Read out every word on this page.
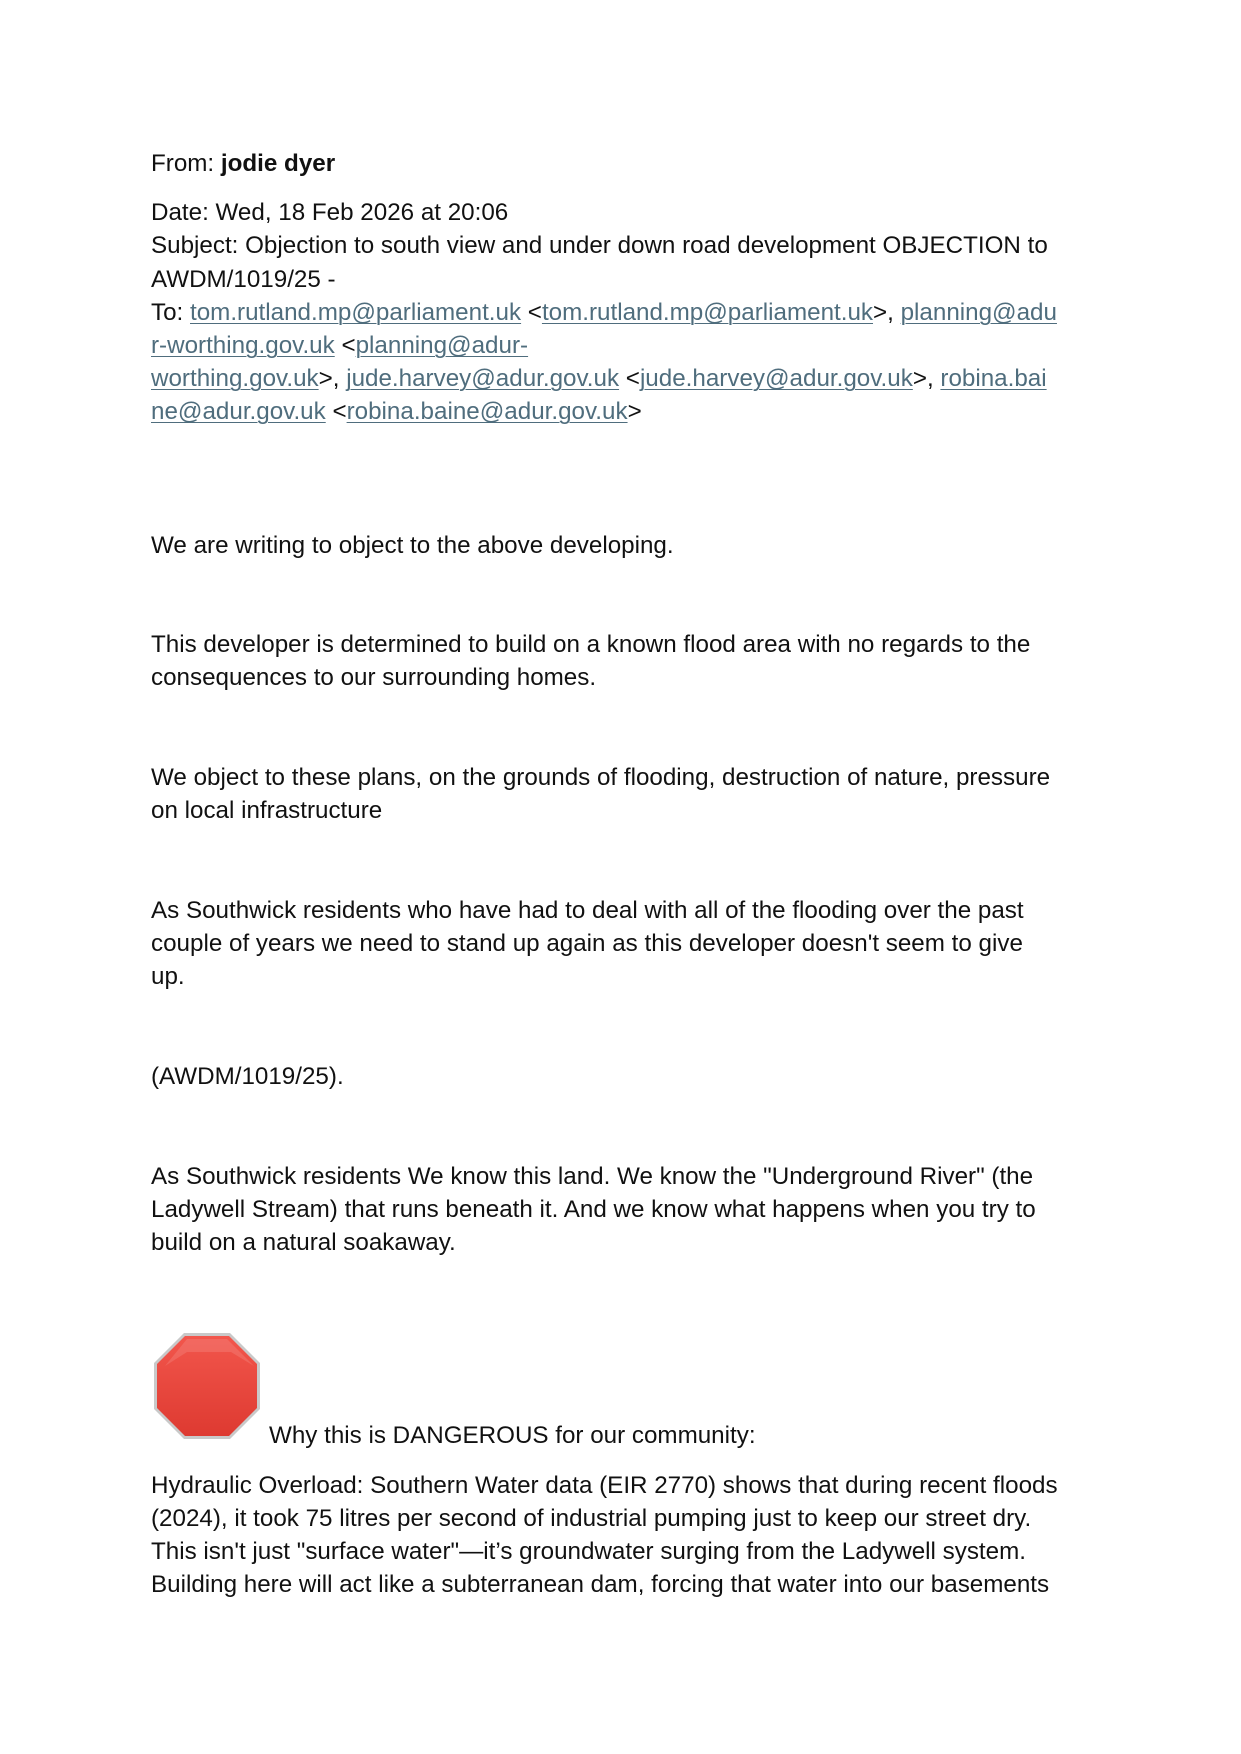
From: jodie dyer
Date: Wed, 18 Feb 2026 at 20:06
Subject: Objection to south view and under down road development OBJECTION to
AWDM/1019/25 -
To: tom.rutland.mp@parliament.uk <tom.rutland.mp@parliament.uk>, planning@adu
r-worthing.gov.uk <planning@adur-
worthing.gov.uk>, jude.harvey@adur.gov.uk <jude.harvey@adur.gov.uk>, robina.bai
ne@adur.gov.uk <robina.baine@adur.gov.uk>
We are writing to object to the above developing.
This developer is determined to build on a known flood area with no regards to the
consequences to our surrounding homes.
We object to these plans, on the grounds of flooding, destruction of nature, pressure
on local infrastructure
As Southwick residents who have had to deal with all of the flooding over the past
couple of years we need to stand up again as this developer doesn't seem to give
up.
(AWDM/1019/25).
As Southwick residents We know this land. We know the "Underground River" (the
Ladywell Stream) that runs beneath it. And we know what happens when you try to
build on a natural soakaway.
Why this is DANGEROUS for our community:
Hydraulic Overload: Southern Water data (EIR 2770) shows that during recent floods
(2024), it took 75 litres per second of industrial pumping just to keep our street dry.
This isn't just "surface water"—it’s groundwater surging from the Ladywell system.
Building here will act like a subterranean dam, forcing that water into our basements
